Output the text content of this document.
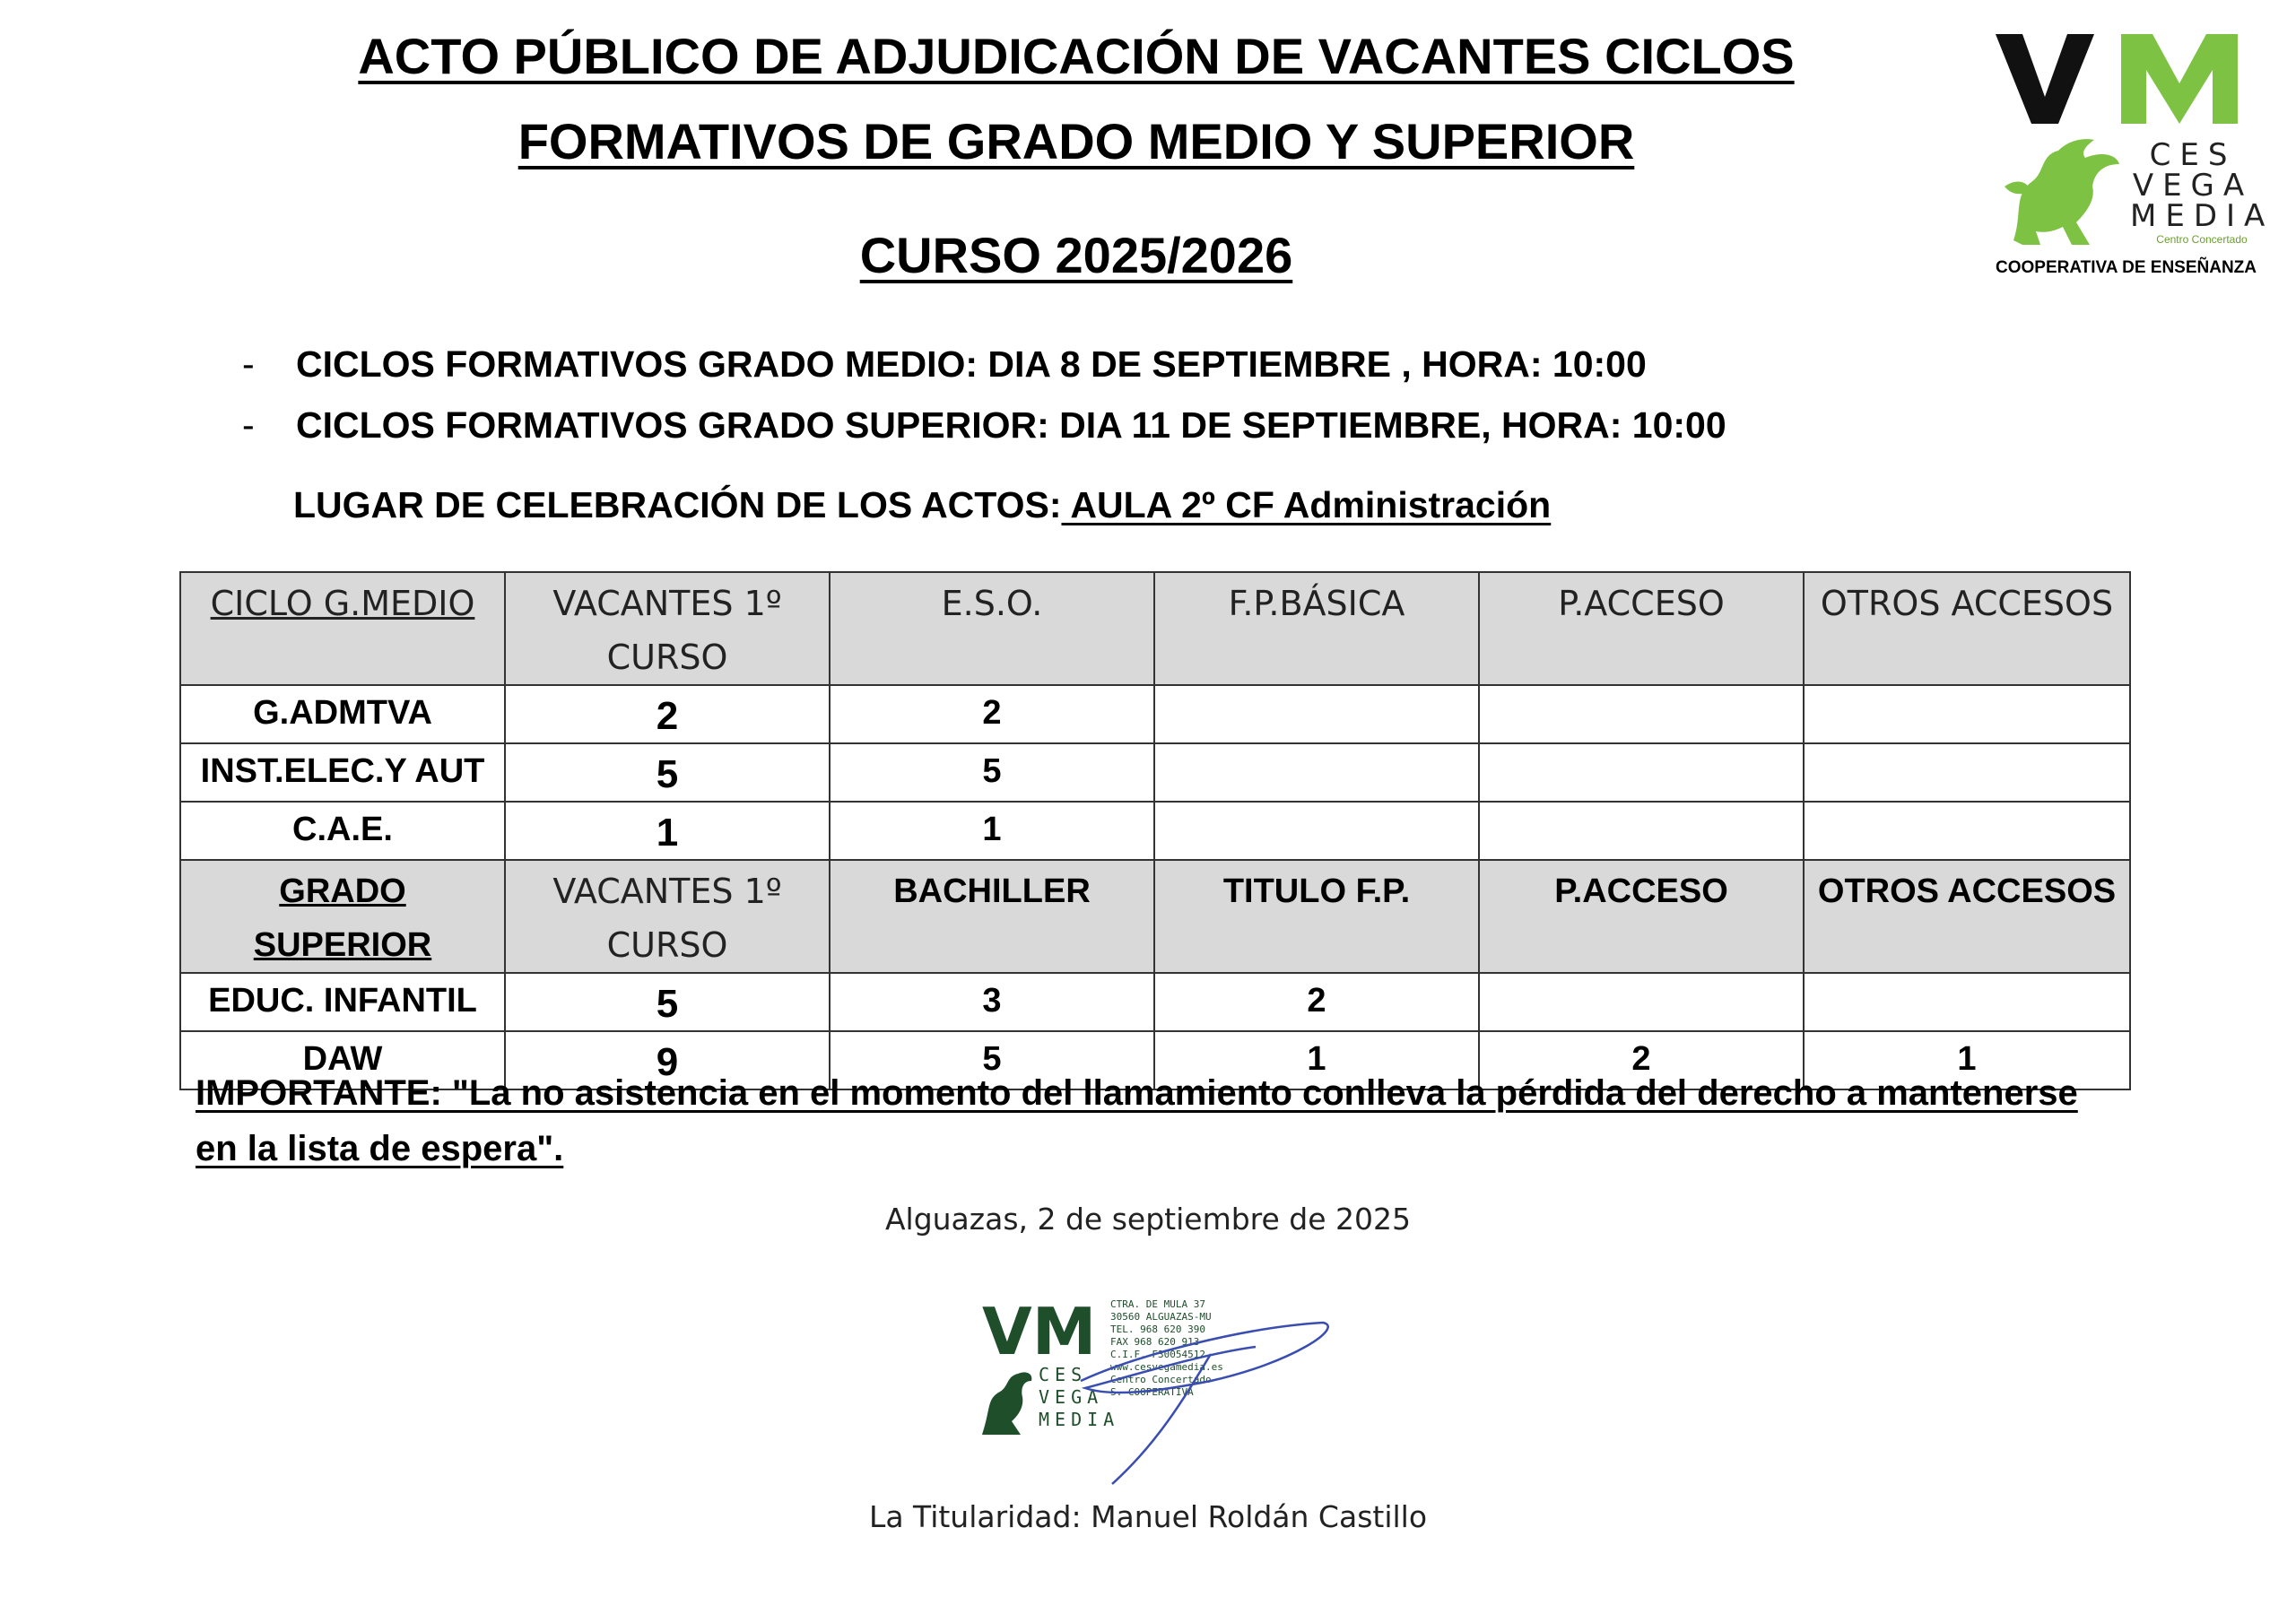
ACTO PÚBLICO DE ADJUDICACIÓN DE VACANTES CICLOS
FORMATIVOS DE GRADO MEDIO Y SUPERIOR
CURSO 2025/2026
CES
VEGA
MEDIA
Centro Concertado
COOPERATIVA DE ENSEÑANZA
- CICLOS FORMATIVOS GRADO MEDIO: DIA 8 DE SEPTIEMBRE , HORA: 10:00
- CICLOS FORMATIVOS GRADO SUPERIOR: DIA 11 DE SEPTIEMBRE, HORA: 10:00
LUGAR DE CELEBRACIÓN DE LOS ACTOS: AULA 2º CF Administración
CICLO G.MEDIO	VACANTES 1º CURSO	E.S.O.	F.P.BÁSICA	P.ACCESO	OTROS ACCESOS
G.ADMTVA	2	2			
INST.ELEC.Y AUT	5	5			
C.A.E.	1	1			
GRADO SUPERIOR	VACANTES 1º CURSO	BACHILLER	TITULO F.P.	P.ACCESO	OTROS ACCESOS
EDUC. INFANTIL	5	3	2		
DAW	9	5	1	2	1
IMPORTANTE: "La no asistencia en el momento del llamamiento conlleva la pérdida del derecho a mantenerse en la lista de espera".
Alguazas, 2 de septiembre de 2025
VM
CES
VEGA
MEDIA
CTRA. DE MULA 37
30560 ALGUAZAS-MU
TEL. 968 620 390
FAX 968 620 913
C.I.F. F30054512
www.cesvegamedia.es
Centro Concertado
S. COOPERATIVA
La Titularidad: Manuel Roldán Castillo
